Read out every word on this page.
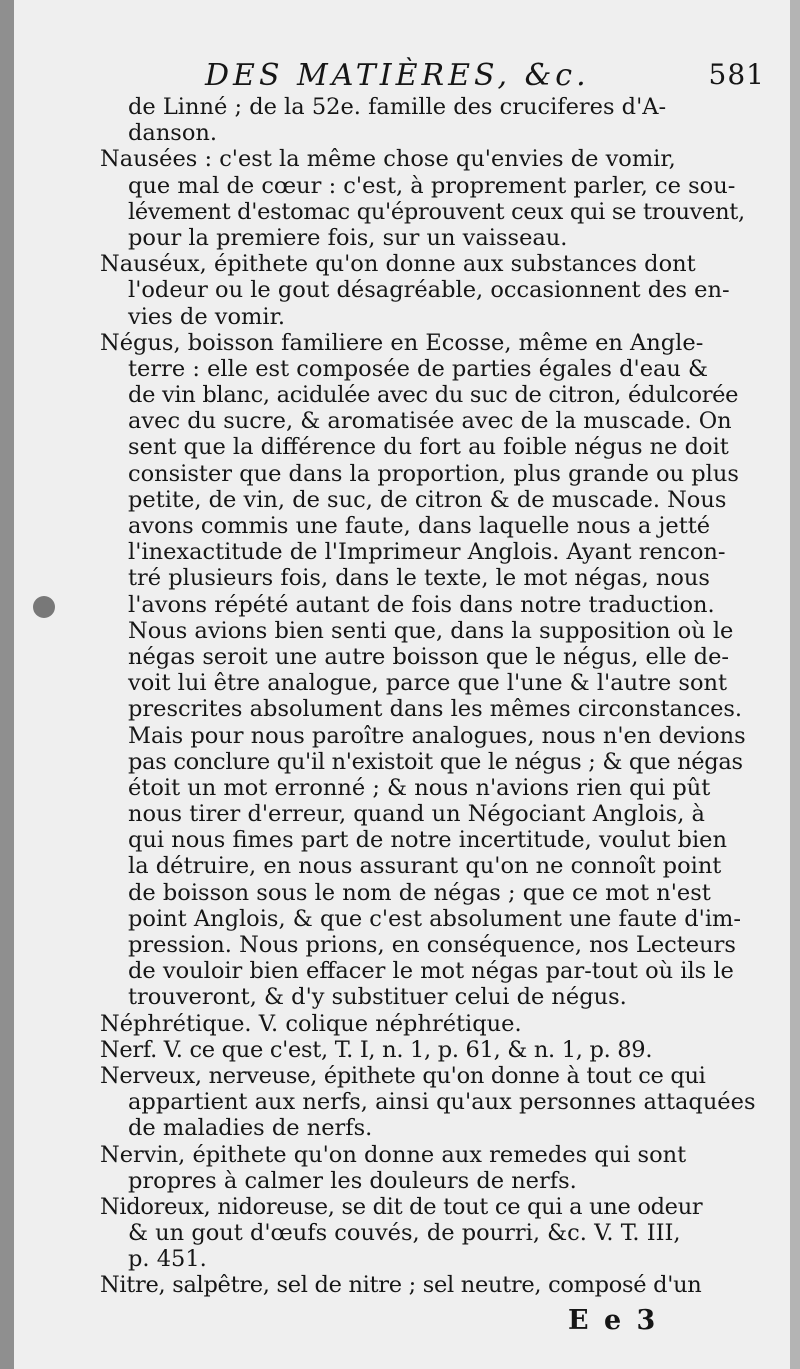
DES MATIÈRES, &c.	581
de Linné ; de la 52e. famille des cruciferes d'A-
danson.
Nausées : c'est la même chose qu'envies de vomir,
que mal de cœur : c'est, à proprement parler, ce sou-
lévement d'estomac qu'éprouvent ceux qui se trouvent,
pour la premiere fois, sur un vaisseau.
Nauséux, épithete qu'on donne aux substances dont
l'odeur ou le gout désagréable, occasionnent des en-
vies de vomir.
Négus, boisson familiere en Ecosse, même en Angle-
terre : elle est composée de parties égales d'eau &
de vin blanc, acidulée avec du suc de citron, édulcorée
avec du sucre, & aromatisée avec de la muscade. On
sent que la différence du fort au foible négus ne doit
consister que dans la proportion, plus grande ou plus
petite, de vin, de suc, de citron & de muscade. Nous
avons commis une faute, dans laquelle nous a jetté
l'inexactitude de l'Imprimeur Anglois. Ayant rencon-
tré plusieurs fois, dans le texte, le mot négas, nous
l'avons répété autant de fois dans notre traduction.
Nous avions bien senti que, dans la supposition où le
négas seroit une autre boisson que le négus, elle de-
voit lui être analogue, parce que l'une & l'autre sont
prescrites absolument dans les mêmes circonstances.
Mais pour nous paroître analogues, nous n'en devions
pas conclure qu'il n'existoit que le négus ; & que négas
étoit un mot erronné ; & nous n'avions rien qui pût
nous tirer d'erreur, quand un Négociant Anglois, à
qui nous fimes part de notre incertitude, voulut bien
la détruire, en nous assurant qu'on ne connoît point
de boisson sous le nom de négas ; que ce mot n'est
point Anglois, & que c'est absolument une faute d'im-
pression. Nous prions, en conséquence, nos Lecteurs
de vouloir bien effacer le mot négas par-tout où ils le
trouveront, & d'y substituer celui de négus.
Néphrétique. V. colique néphrétique.
Nerf. V. ce que c'est, T. I, n. 1, p. 61, & n. 1, p. 89.
Nerveux, nerveuse, épithete qu'on donne à tout ce qui
appartient aux nerfs, ainsi qu'aux personnes attaquées
de maladies de nerfs.
Nervin, épithete qu'on donne aux remedes qui sont
propres à calmer les douleurs de nerfs.
Nidoreux, nidoreuse, se dit de tout ce qui a une odeur
& un gout d'œufs couvés, de pourri, &c. V. T. III,
p. 451.
Nitre, salpêtre, sel de nitre ; sel neutre, composé d'un
E e 3
